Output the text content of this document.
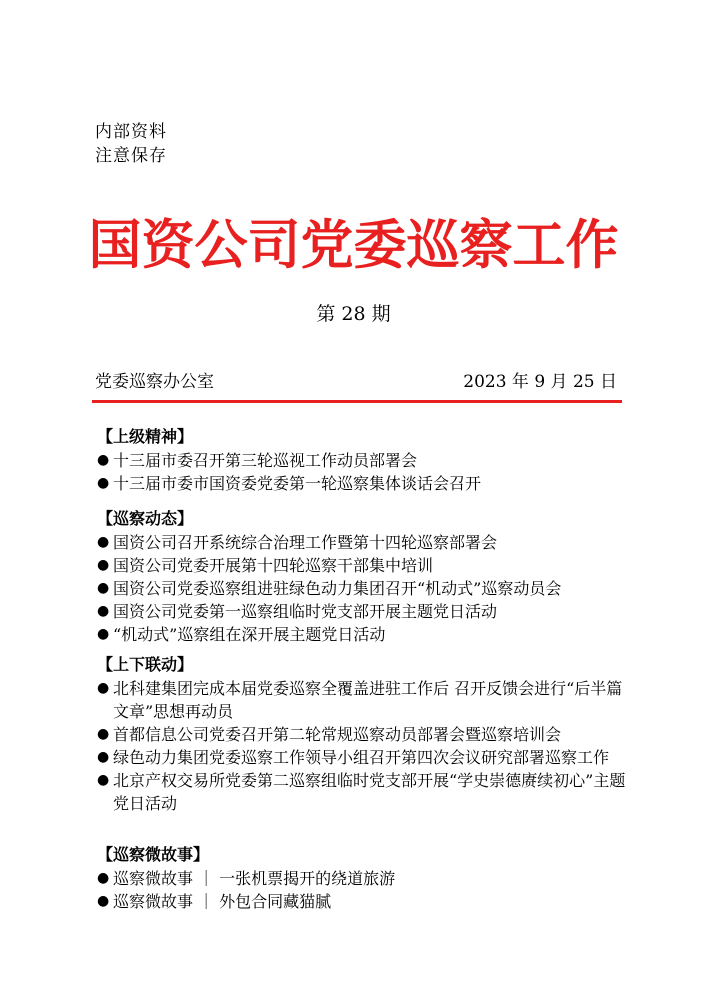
内部资料
注意保存
国资公司党委巡察工作
第 28 期
党委巡察办公室	2023 年 9 月 25 日
【上级精神】
● 十三届市委召开第三轮巡视工作动员部署会
● 十三届市委市国资委党委第一轮巡察集体谈话会召开
【巡察动态】
● 国资公司召开系统综合治理工作暨第十四轮巡察部署会
● 国资公司党委开展第十四轮巡察干部集中培训
● 国资公司党委巡察组进驻绿色动力集团召开“机动式”巡察动员会
● 国资公司党委第一巡察组临时党支部开展主题党日活动
● “机动式”巡察组在深开展主题党日活动
【上下联动】
● 北科建集团完成本届党委巡察全覆盖进驻工作后 召开反馈会进行“后半篇文章”思想再动员
● 首都信息公司党委召开第二轮常规巡察动员部署会暨巡察培训会
● 绿色动力集团党委巡察工作领导小组召开第四次会议研究部署巡察工作
● 北京产权交易所党委第二巡察组临时党支部开展“学史崇德赓续初心”主题党日活动
【巡察微故事】
● 巡察微故事 ｜ 一张机票揭开的绕道旅游
● 巡察微故事 ｜ 外包合同藏猫腻
